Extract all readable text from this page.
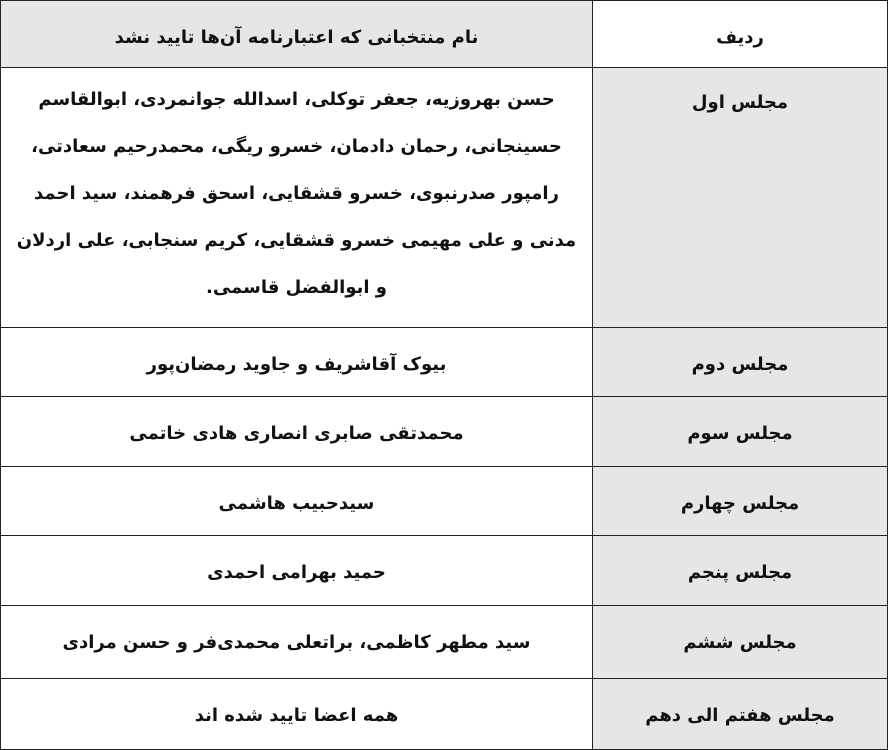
ردیف	نام منتخبانی که اعتبارنامه آن‌ها تایید نشد
مجلس اول	حسن بهروزیه، جعفر توکلی، اسدالله جوانمردی، ابوالقاسم حسینجانی، رحمان دادمان، خسرو ریگی، محمدرحیم سعادتی، رامپور صدرنبوی، خسرو قشقایی، اسحق فرهمند، سید احمد مدنی و علی مهیمی خسرو قشقایی، کریم سنجابی، علی اردلان و ابوالفضل قاسمی.
مجلس دوم	بیوک آقاشریف و جاوید رمضان‌پور
مجلس سوم	محمدتقی صابری انصاری هادی خاتمی
مجلس چهارم	سیدحبیب هاشمی
مجلس پنجم	حمید بهرامی احمدی
مجلس ششم	سید مطهر کاظمی، براتعلی محمدی‌فر و حسن مرادی
مجلس هفتم الی دهم	همه اعضا تایید شده اند
